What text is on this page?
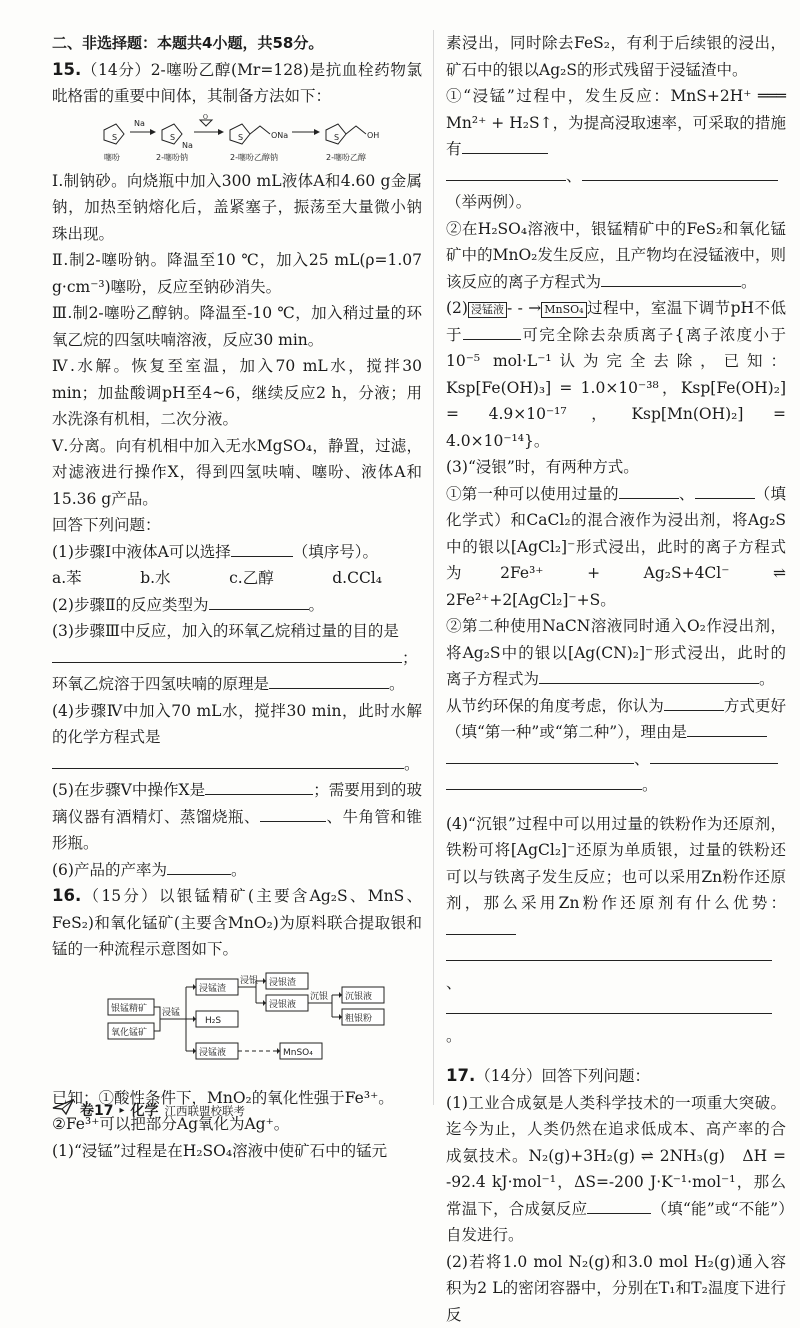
二、非选择题：本题共4小题，共58分。

15.（14分）2-噻吩乙醇(Mr=128)是抗血栓药物氯吡格雷的重要中间体，其制备方法如下：

S
Na
S
Na
O
S	ONa	S	OH
噻吩	2-噻吩钠	2-噻吩乙醇钠	2-噻吩乙醇

Ⅰ.制钠砂。向烧瓶中加入300 mL液体A和4.60 g金属钠，加热至钠熔化后，盖紧塞子，振荡至大量微小钠珠出现。

Ⅱ.制2-噻吩钠。降温至10 ℃，加入25 mL(ρ=1.07 g·cm⁻³)噻吩，反应至钠砂消失。

Ⅲ.制2-噻吩乙醇钠。降温至-10 ℃，加入稍过量的环氧乙烷的四氢呋喃溶液，反应30 min。

Ⅳ.水解。恢复至室温，加入70 mL水，搅拌30 min；加盐酸调pH至4~6，继续反应2 h，分液；用水洗涤有机相，二次分液。

Ⅴ.分离。向有机相中加入无水MgSO₄，静置，过滤，对滤液进行操作X，得到四氢呋喃、噻吩、液体A和15.36 g产品。

回答下列问题：

(1)步骤Ⅰ中液体A可以选择	（填序号）。

a.苯	b.水	c.乙醇	d.CCl₄

(2)步骤Ⅱ的反应类型为	。

(3)步骤Ⅲ中反应，加入的环氧乙烷稍过量的目的是

；

环氧乙烷溶于四氢呋喃的原理是	。

(4)步骤Ⅳ中加入70 mL水，搅拌30 min，此时水解的化学方程式是

。

(5)在步骤Ⅴ中操作X是	；需要用到的玻璃仪器有酒精灯、蒸馏烧瓶、	、牛角管和锥形瓶。

(6)产品的产率为	。

16.（15分）以银锰精矿(主要含Ag₂S、MnS、FeS₂)和氧化锰矿(主要含MnO₂)为原料联合提取银和锰的一种流程示意图如下。

银锰精矿
氧化锰矿
浸锰
浸锰渣
H₂S
浸锰液
浸银 浸银渣
浸银液
沉银 沉银液
粗银粉
MnSO₄

已知：①酸性条件下，MnO₂的氧化性强于Fe³⁺。

②Fe³⁺可以把部分Ag氧化为Ag⁺。

(1)“浸锰”过程是在H₂SO₄溶液中使矿石中的锰元

素浸出，同时除去FeS₂，有利于后续银的浸出，矿石中的银以Ag₂S的形式残留于浸锰渣中。

①“浸锰”过程中，发生反应：MnS+2H⁺ ═══ Mn²⁺ + H₂S↑，为提高浸取速率，可采取的措施有

、

（举两例）。

②在H₂SO₄溶液中，银锰精矿中的FeS₂和氧化锰矿中的MnO₂发生反应，且产物均在浸锰液中，则该反应的离子方程式为	。

(2) 浸锰液 - - → MnSO₄ 过程中，室温下调节pH不低于	可完全除去杂质离子{离子浓度小于10⁻⁵ mol·L⁻¹认为完全去除，已知：Ksp[Fe(OH)₃] = 1.0×10⁻³⁸，Ksp[Fe(OH)₂] = 4.9×10⁻¹⁷，Ksp[Mn(OH)₂] = 4.0×10⁻¹⁴}。

(3)“浸银”时，有两种方式。

①第一种可以使用过量的	、	（填化学式）和CaCl₂的混合液作为浸出剂，将Ag₂S中的银以[AgCl₂]⁻形式浸出，此时的离子方程式为2Fe³⁺ + Ag₂S+4Cl⁻ ⇌ 2Fe²⁺+2[AgCl₂]⁻+S。

②第二种使用NaCN溶液同时通入O₂作浸出剂，将Ag₂S中的银以[Ag(CN)₂]⁻形式浸出，此时的离子方程式为	。

从节约环保的角度考虑，你认为	方式更好（填“第一种”或“第二种”），理由是

、

。

(4)“沉银”过程中可以用过量的铁粉作为还原剂，铁粉可将[AgCl₂]⁻还原为单质银，过量的铁粉还可以与铁离子发生反应；也可以采用Zn粉作还原剂，那么采用Zn粉作还原剂有什么优势：

、

。

17.（14分）回答下列问题：

(1)工业合成氨是人类科学技术的一项重大突破。迄今为止，人类仍然在追求低成本、高产率的合成氨技术。N₂(g)+3H₂(g) ⇌ 2NH₃(g)　ΔH = -92.4 kJ·mol⁻¹，ΔS=-200 J·K⁻¹·mol⁻¹，那么常温下，合成氨反应	（填“能”或“不能”）自发进行。

(2)若将1.0 mol N₂(g)和3.0 mol H₂(g)通入容积为2 L的密闭容器中，分别在T₁和T₂温度下进行反

卷17 ▸ 化学 江西联盟校联考
